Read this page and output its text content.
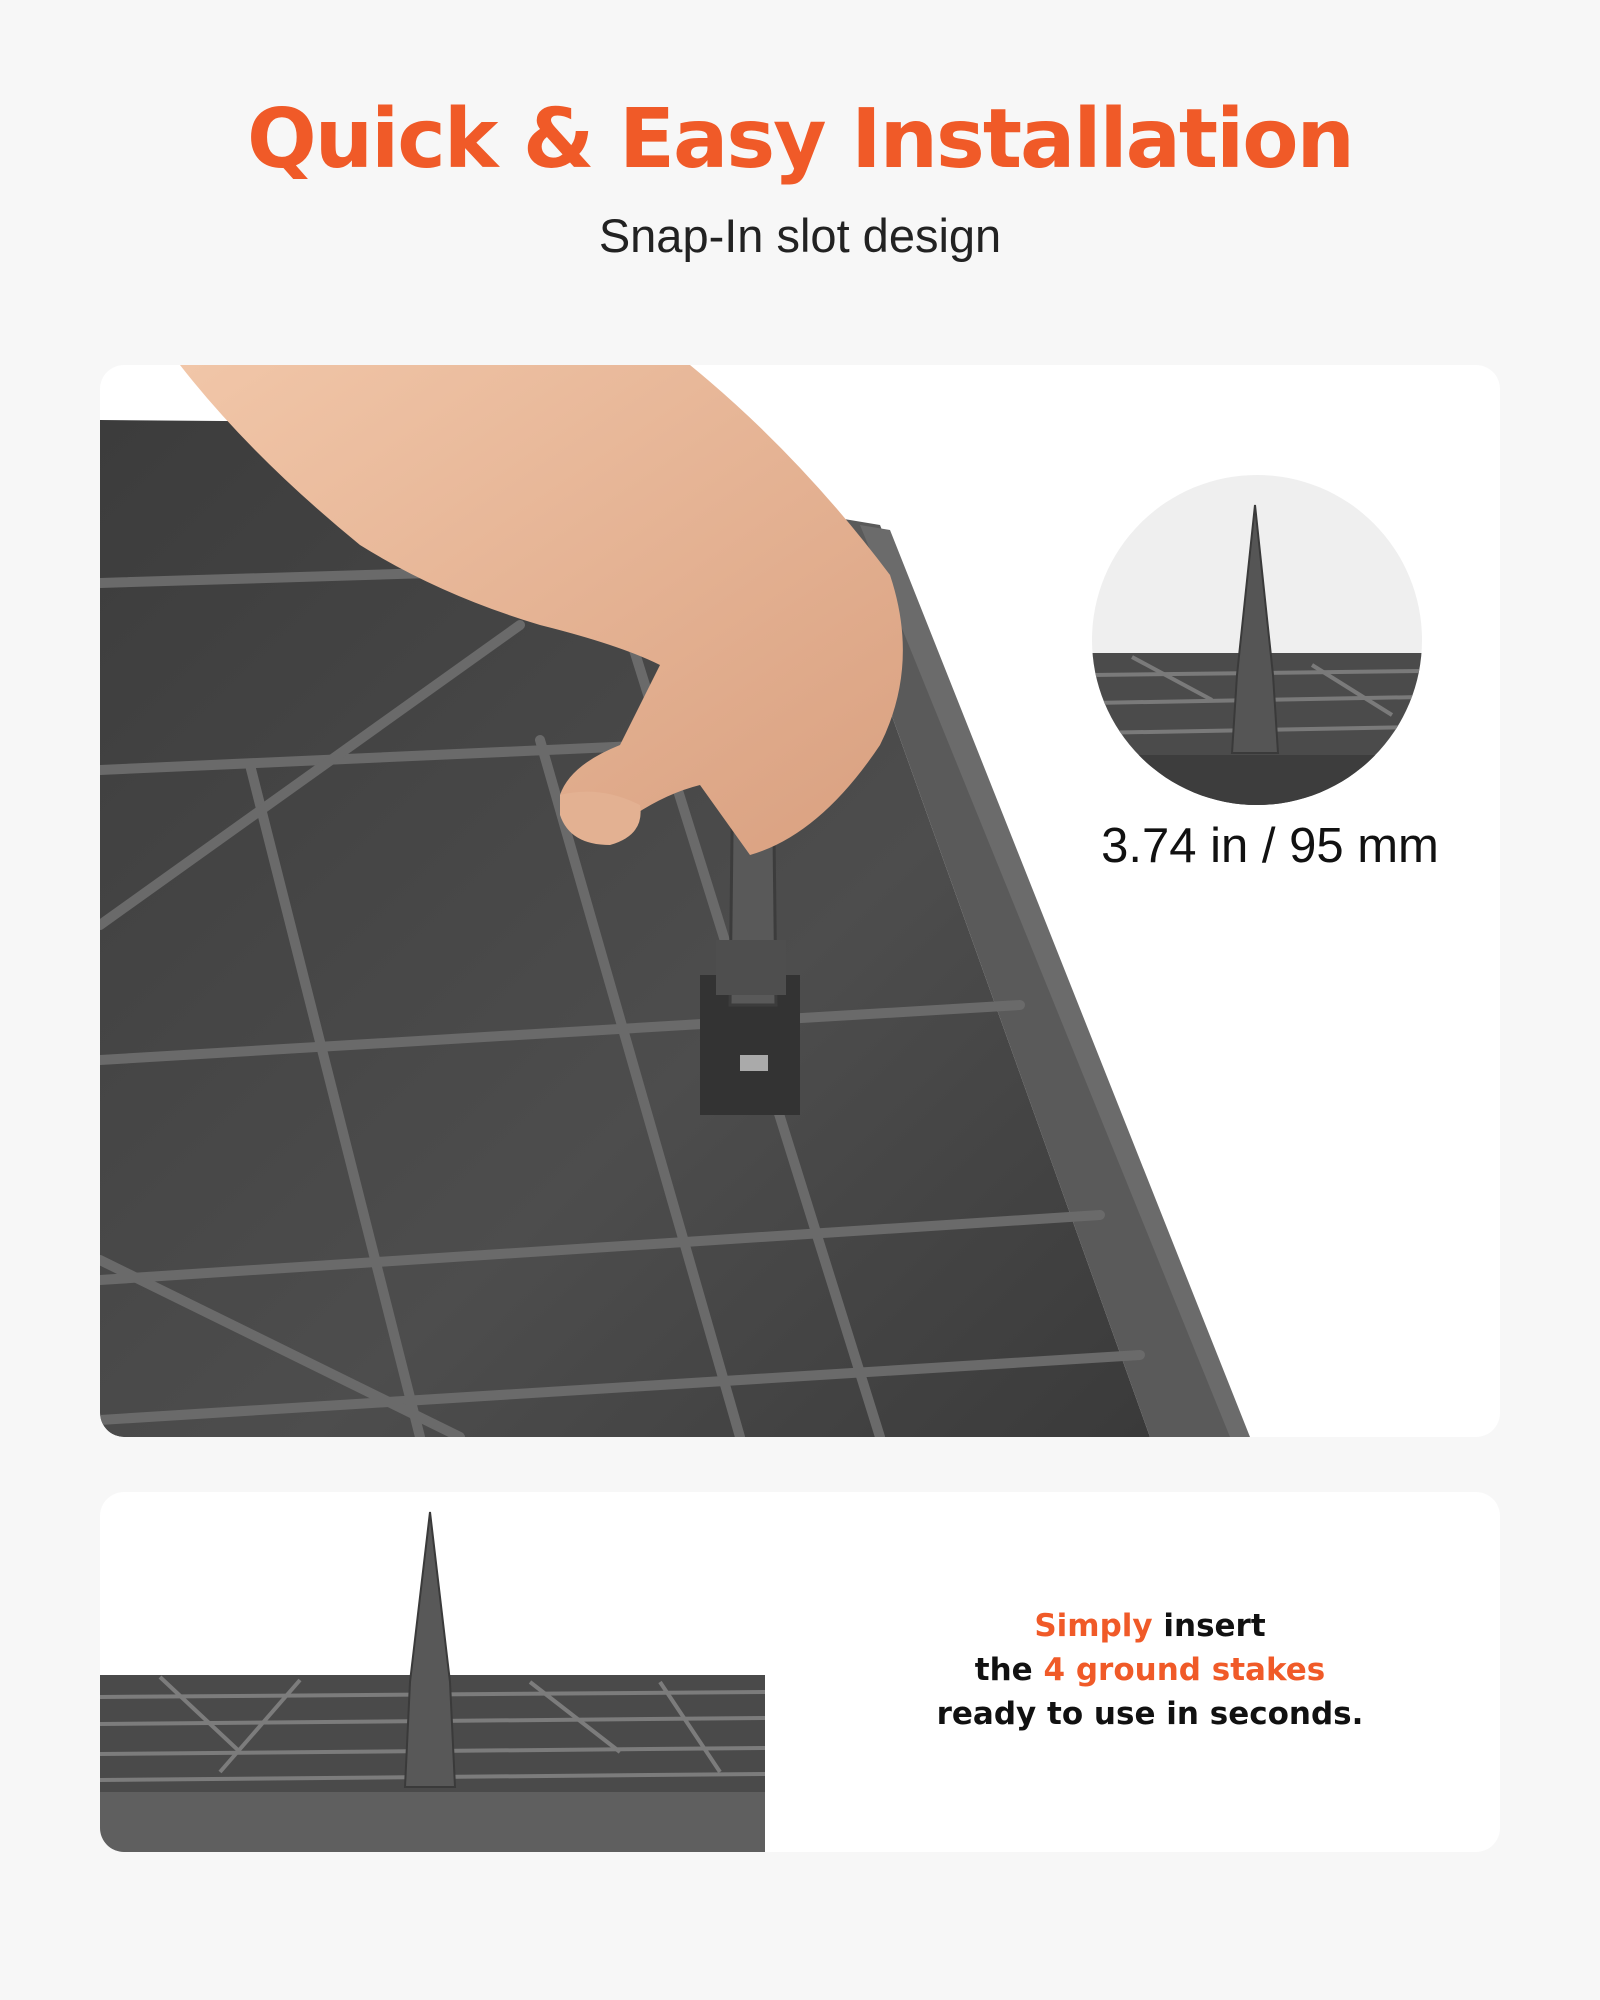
Quick & Easy Installation
Snap-In slot design
3.74 in / 95 mm

Simply insert
the 4 ground stakes
ready to use in seconds.
